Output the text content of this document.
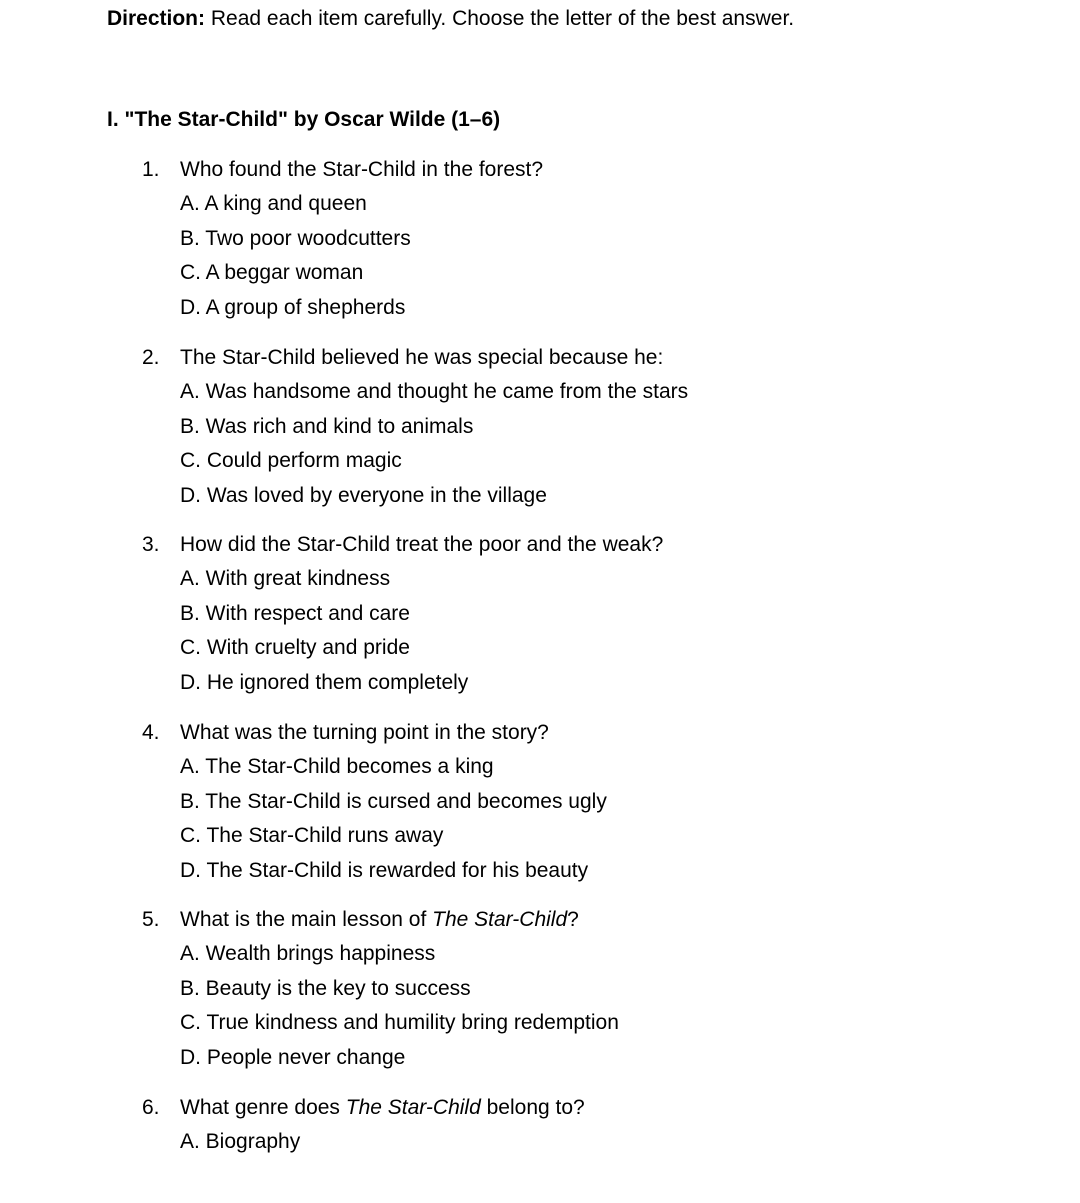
Direction: Read each item carefully. Choose the letter of the best answer.
I. "The Star-Child" by Oscar Wilde (1–6)
1. Who found the Star-Child in the forest?
A. A king and queen
B. Two poor woodcutters
C. A beggar woman
D. A group of shepherds
2. The Star-Child believed he was special because he:
A. Was handsome and thought he came from the stars
B. Was rich and kind to animals
C. Could perform magic
D. Was loved by everyone in the village
3. How did the Star-Child treat the poor and the weak?
A. With great kindness
B. With respect and care
C. With cruelty and pride
D. He ignored them completely
4. What was the turning point in the story?
A. The Star-Child becomes a king
B. The Star-Child is cursed and becomes ugly
C. The Star-Child runs away
D. The Star-Child is rewarded for his beauty
5. What is the main lesson of The Star-Child?
A. Wealth brings happiness
B. Beauty is the key to success
C. True kindness and humility bring redemption
D. People never change
6. What genre does The Star-Child belong to?
A. Biography
